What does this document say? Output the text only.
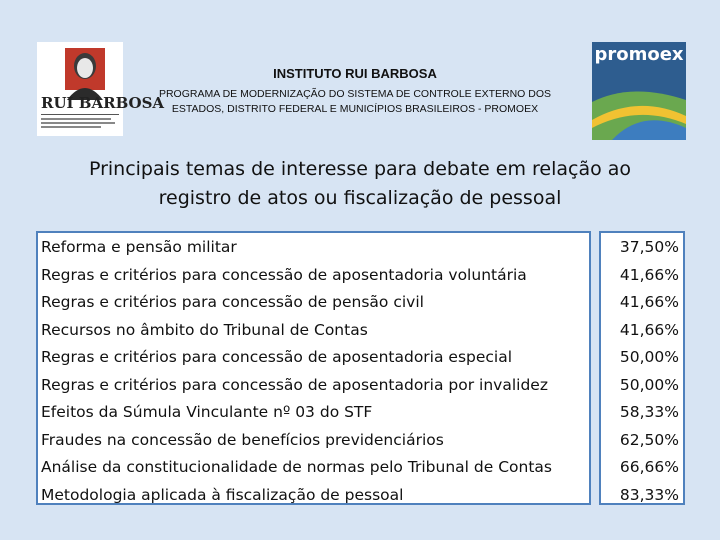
RUI BARBOSA
promoex
INSTITUTO RUI BARBOSA
PROGRAMA DE MODERNIZAÇÃO DO SISTEMA DE CONTROLE EXTERNO DOS
ESTADOS, DISTRITO FEDERAL E MUNICÍPIOS BRASILEIROS - PROMOEX
Principais temas de interesse para debate em relação ao
registro de atos ou fiscalização de pessoal
Reforma e pensão militar
Regras e critérios para concessão de aposentadoria voluntária
Regras e critérios para concessão de pensão civil
Recursos no âmbito do Tribunal de Contas
Regras e critérios para concessão de aposentadoria especial
Regras e critérios para concessão de aposentadoria por invalidez
Efeitos da Súmula Vinculante nº 03 do STF
Fraudes na concessão de benefícios previdenciários
Análise da constitucionalidade de normas pelo Tribunal de Contas
Metodologia aplicada à fiscalização de pessoal
37,50%
41,66%
41,66%
41,66%
50,00%
50,00%
58,33%
62,50%
66,66%
83,33%
